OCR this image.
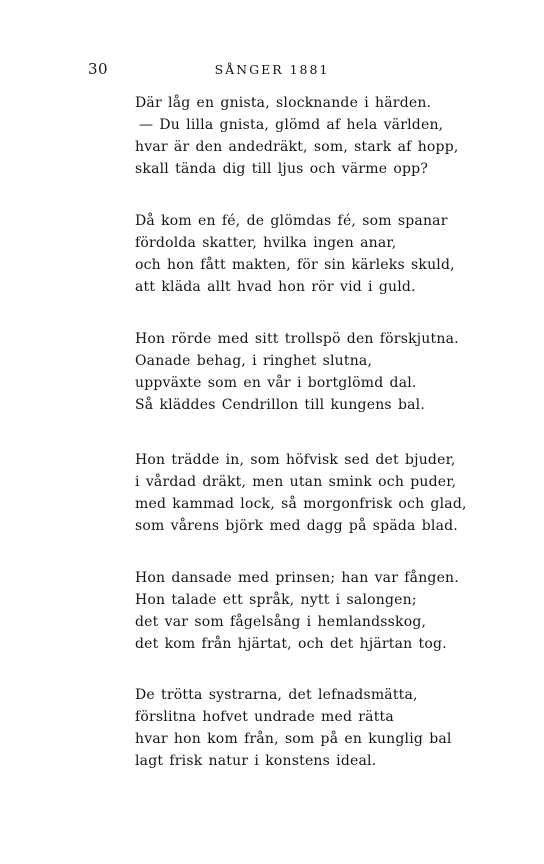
30	SÅNGER 1881
Där låg en gnista, slocknande i härden.
— Du lilla gnista, glömd af hela världen,
hvar är den andedräkt, som, stark af hopp,
skall tända dig till ljus och värme opp?
Då kom en fé, de glömdas fé, som spanar
fördolda skatter, hvilka ingen anar,
och hon fått makten, för sin kärleks skuld,
att kläda allt hvad hon rör vid i guld.
Hon rörde med sitt trollspö den förskjutna.
Oanade behag, i ringhet slutna,
uppväxte som en vår i bortglömd dal.
Så kläddes Cendrillon till kungens bal.
Hon trädde in, som höfvisk sed det bjuder,
i vårdad dräkt, men utan smink och puder,
med kammad lock, så morgonfrisk och glad,
som vårens björk med dagg på späda blad.
Hon dansade med prinsen; han var fången.
Hon talade ett språk, nytt i salongen;
det var som fågelsång i hemlandsskog,
det kom från hjärtat, och det hjärtan tog.
De trötta systrarna, det lefnadsmätta,
förslitna hofvet undrade med rätta
hvar hon kom från, som på en kunglig bal
lagt frisk natur i konstens ideal.
